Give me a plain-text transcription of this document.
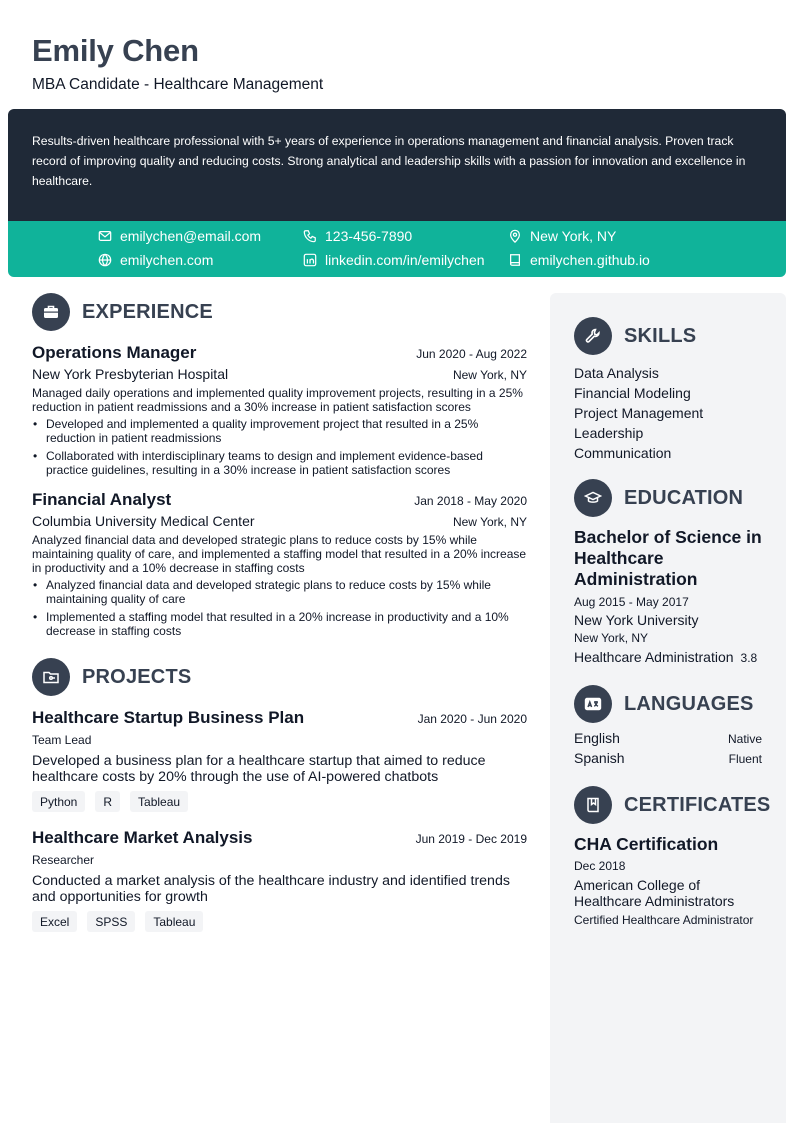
Emily Chen
MBA Candidate - Healthcare Management
Results-driven healthcare professional with 5+ years of experience in operations management and financial analysis. Proven track record of improving quality and reducing costs. Strong analytical and leadership skills with a passion for innovation and excellence in healthcare.
emilychen@email.com	123-456-7890	New York, NY
emilychen.com	linkedin.com/in/emilychen	emilychen.github.io
EXPERIENCE
Operations Manager	Jun 2020 - Aug 2022
New York Presbyterian Hospital	New York, NY
Managed daily operations and implemented quality improvement projects, resulting in a 25% reduction in patient readmissions and a 30% increase in patient satisfaction scores
• Developed and implemented a quality improvement project that resulted in a 25% reduction in patient readmissions
• Collaborated with interdisciplinary teams to design and implement evidence-based practice guidelines, resulting in a 30% increase in patient satisfaction scores
Financial Analyst	Jan 2018 - May 2020
Columbia University Medical Center	New York, NY
Analyzed financial data and developed strategic plans to reduce costs by 15% while maintaining quality of care, and implemented a staffing model that resulted in a 20% increase in productivity and a 10% decrease in staffing costs
• Analyzed financial data and developed strategic plans to reduce costs by 15% while maintaining quality of care
• Implemented a staffing model that resulted in a 20% increase in productivity and a 10% decrease in staffing costs
PROJECTS
Healthcare Startup Business Plan	Jan 2020 - Jun 2020
Team Lead
Developed a business plan for a healthcare startup that aimed to reduce healthcare costs by 20% through the use of AI-powered chatbots
Python	R	Tableau
Healthcare Market Analysis	Jun 2019 - Dec 2019
Researcher
Conducted a market analysis of the healthcare industry and identified trends and opportunities for growth
Excel	SPSS	Tableau
SKILLS
Data Analysis
Financial Modeling
Project Management
Leadership
Communication
EDUCATION
Bachelor of Science in Healthcare Administration
Aug 2015 - May 2017
New York University
New York, NY
Healthcare Administration 3.8
LANGUAGES
English	Native
Spanish	Fluent
CERTIFICATES
CHA Certification
Dec 2018
American College of Healthcare Administrators
Certified Healthcare Administrator
